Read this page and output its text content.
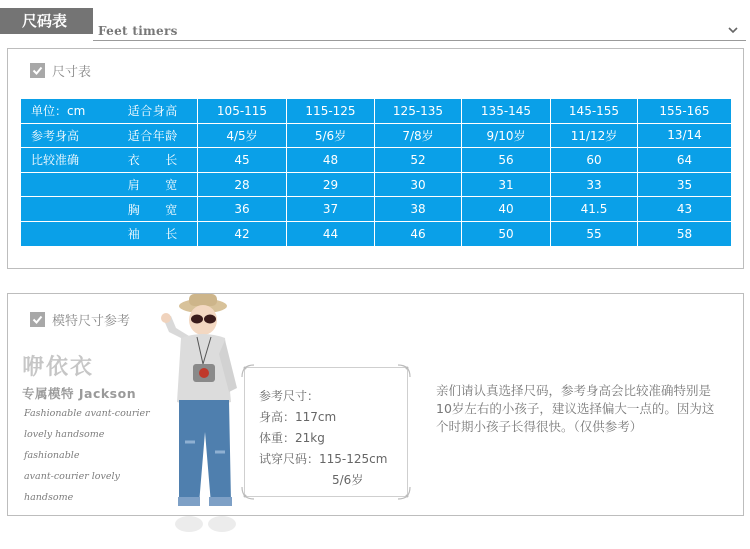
尺码表
Feet timers
尺寸表
单位：cm	适合身高	105-115	115-125	125-135	135-145	145-155	155-165
参考身高	适合年龄	4/5岁	5/6岁	7/8岁	9/10岁	11/12岁	13/14
比较准确	衣　　长	45	48	52	56	60	64
	肩　　宽	28	29	30	31	33	35
	胸　　宽	36	37	38	40	41.5	43
	袖　　长	42	44	46	50	55	58
模特尺寸参考
咿依衣
专属模特 Jackson
Fashionable avant-courier
lovely handsome
fashionable
avant-courier lovely
handsome
参考尺寸：
身高：117cm
体重：21kg
试穿尺码：115-125cm
5/6岁
亲们请认真选择尺码，参考身高会比较准确特别是10岁左右的小孩子，建议选择偏大一点的。因为这个时期小孩子长得很快。（仅供参考）
